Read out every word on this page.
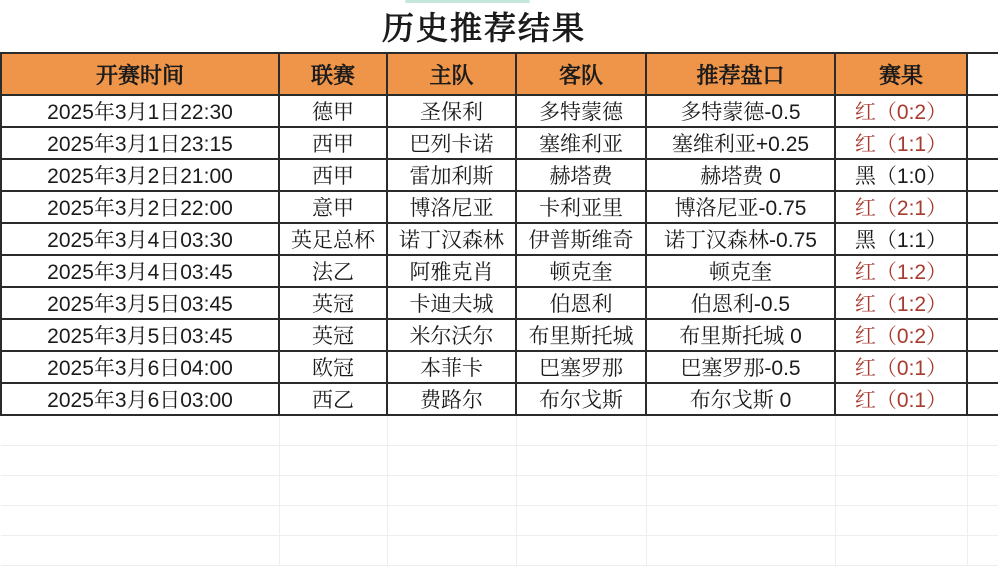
历史推荐结果						
开赛时间	联赛	主队	客队	推荐盘口	赛果	
2025年3月1日22:30	德甲	圣保利	多特蒙德	多特蒙德-0.5	红（0:2）	
2025年3月1日23:15	西甲	巴列卡诺	塞维利亚	塞维利亚+0.25	红（1:1）	
2025年3月2日21:00	西甲	雷加利斯	赫塔费	赫塔费 0	黑（1:0）	
2025年3月2日22:00	意甲	博洛尼亚	卡利亚里	博洛尼亚-0.75	红（2:1）	
2025年3月4日03:30	英足总杯	诺丁汉森林	伊普斯维奇	诺丁汉森林-0.75	黑（1:1）	
2025年3月4日03:45	法乙	阿雅克肖	顿克奎	顿克奎	红（1:2）	
2025年3月5日03:45	英冠	卡迪夫城	伯恩利	伯恩利-0.5	红（1:2）	
2025年3月5日03:45	英冠	米尔沃尔	布里斯托城	布里斯托城 0	红（0:2）	
2025年3月6日04:00	欧冠	本菲卡	巴塞罗那	巴塞罗那-0.5	红（0:1）	
2025年3月6日03:00	西乙	费路尔	布尔戈斯	布尔戈斯 0	红（0:1）	
